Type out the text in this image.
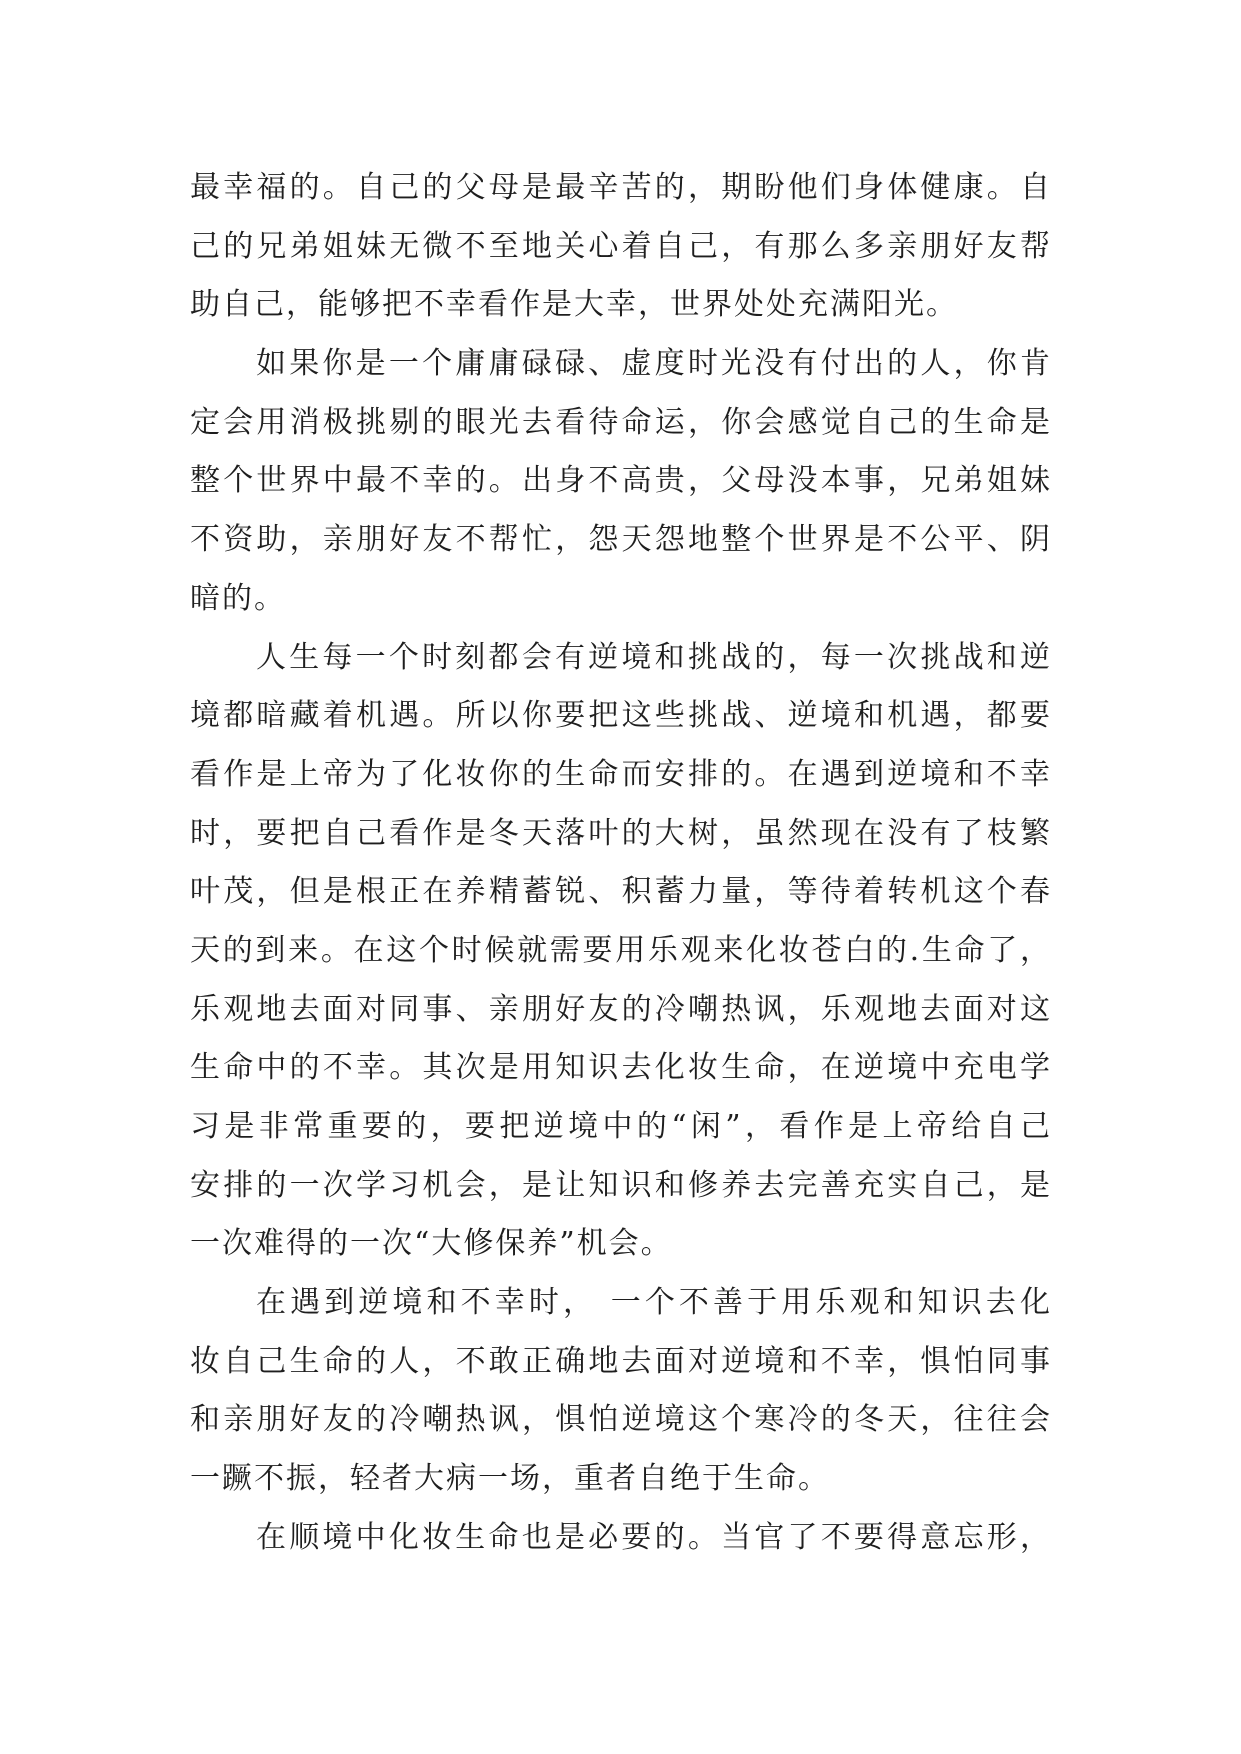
最幸福的。自己的父母是最辛苦的，期盼他们身体健康。自
己的兄弟姐妹无微不至地关心着自己，有那么多亲朋好友帮
助自己，能够把不幸看作是大幸，世界处处充满阳光。
如果你是一个庸庸碌碌、虚度时光没有付出的人，你肯
定会用消极挑剔的眼光去看待命运，你会感觉自己的生命是
整个世界中最不幸的。出身不高贵，父母没本事，兄弟姐妹
不资助，亲朋好友不帮忙，怨天怨地整个世界是不公平、阴
暗的。
人生每一个时刻都会有逆境和挑战的，每一次挑战和逆
境都暗藏着机遇。所以你要把这些挑战、逆境和机遇，都要
看作是上帝为了化妆你的生命而安排的。在遇到逆境和不幸
时，要把自己看作是冬天落叶的大树，虽然现在没有了枝繁
叶茂，但是根正在养精蓄锐、积蓄力量，等待着转机这个春
天的到来。在这个时候就需要用乐观来化妆苍白的.生命了，
乐观地去面对同事、亲朋好友的冷嘲热讽，乐观地去面对这
生命中的不幸。其次是用知识去化妆生命，在逆境中充电学
习是非常重要的，要把逆境中的“闲”，看作是上帝给自己
安排的一次学习机会，是让知识和修养去完善充实自己，是
一次难得的一次“大修保养”机会。
在遇到逆境和不幸时， 一个不善于用乐观和知识去化
妆自己生命的人，不敢正确地去面对逆境和不幸，惧怕同事
和亲朋好友的冷嘲热讽，惧怕逆境这个寒冷的冬天，往往会
一蹶不振，轻者大病一场，重者自绝于生命。
在顺境中化妆生命也是必要的。当官了不要得意忘形，
